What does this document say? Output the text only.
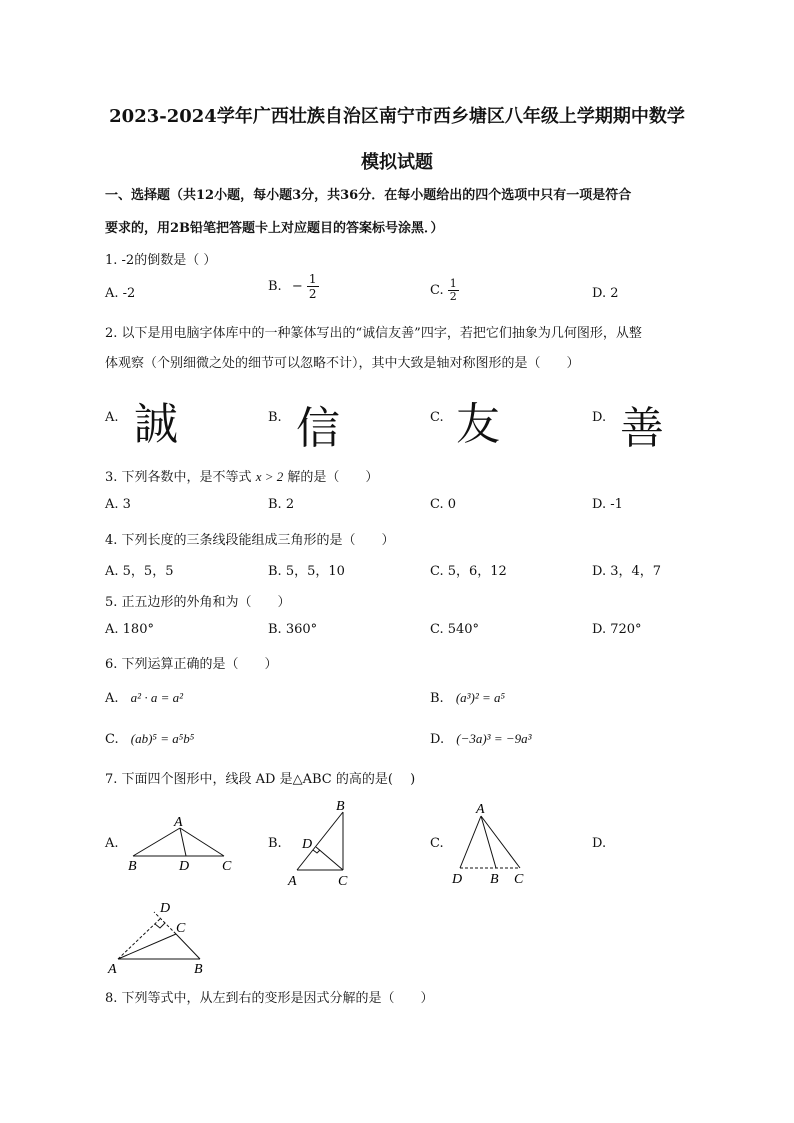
2023-2024学年广西壮族自治区南宁市西乡塘区八年级上学期期中数学
模拟试题
一、选择题（共12小题，每小题3分，共36分．在每小题给出的四个选项中只有一项是符合
要求的，用2B铅笔把答题卡上对应题目的答案标号涂黑．）
1. -2的倒数是（ ）
A. -2	B. − $\frac{1}{2}$	C. $\frac{1}{2}$	D. 2
2. 以下是用电脑字体库中的一种篆体写出的“诚信友善”四字，若把它们抽象为几何图形，从整
体观察（个别细微之处的细节可以忽略不计），其中大致是轴对称图形的是（　　）
A. 誠	B. 信	C. 友	D. 善
3. 下列各数中，是不等式 x > 2 解的是（　　）
A. 3	B. 2	C. 0	D. -1
4. 下列长度的三条线段能组成三角形的是（　　）
A. 5，5，5	B. 5，5，10	C. 5，6，12	D. 3，4，7
5. 正五边形的外角和为（　　）
A. 180°	B. 360°	C. 540°	D. 720°
6. 下列运算正确的是（　　）
A. a² · a = a²	B. (a³)² = a⁵
C. (ab)⁵ = a⁵b⁵	D. (−3a)³ = −9a³
7. 下面四个图形中，线段 AD 是△ABC 的高的是(　 )
A.	B.	C.	D.
A
B	D C
B
D
A	C
A
D B C
D
C
A	B
8. 下列等式中，从左到右的变形是因式分解的是（　　）
